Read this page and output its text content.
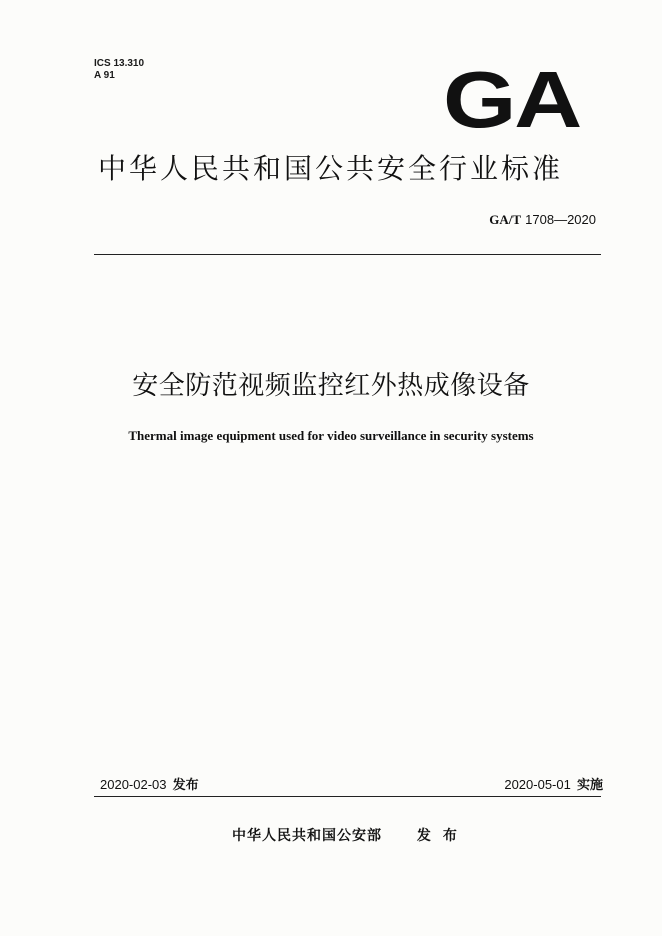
ICS 13.310
A 91	GA
中华人民共和国公共安全行业标准
GA/T 1708—2020
安全防范视频监控红外热成像设备
Thermal image equipment used for video surveillance in security systems
2020-02-03 发布	2020-05-01 实施
中华人民共和国公安部 发布
